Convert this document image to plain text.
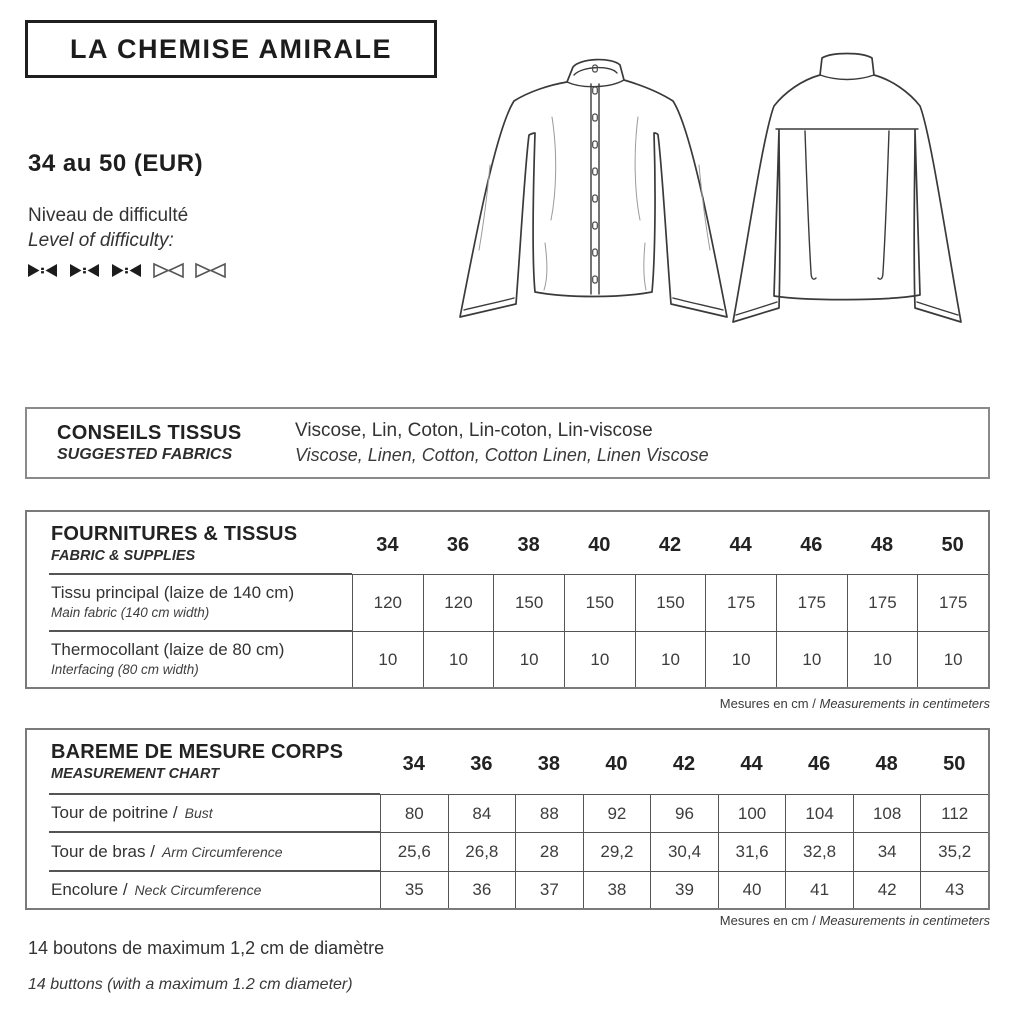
LA CHEMISE AMIRALE
34 au 50 (EUR)
Niveau de difficulté
Level of difficulty:
CONSEILS TISSUS
SUGGESTED FABRICS
Viscose, Lin, Coton, Lin-coton, Lin-viscose
Viscose, Linen, Cotton, Cotton Linen, Linen Viscose
FOURNITURES & TISSUS
FABRIC & SUPPLIES
34	36	38	40	42	44	46	48	50
Tissu principal (laize de 140 cm)
Main fabric (140 cm width)
120	120	150	150	150	175	175	175	175
Thermocollant (laize de 80 cm)
Interfacing (80 cm width)
10	10	10	10	10	10	10	10	10
Mesures en cm / Measurements in centimeters
BAREME DE MESURE CORPS
MEASUREMENT CHART	34	36	38	40	42	44	46	48	50
Tour de poitrine / Bust	80	84	88	92	96	100	104	108	112
Tour de bras / Arm Circumference	25,6	26,8	28	29,2	30,4	31,6	32,8	34	35,2
Encolure / Neck Circumference	35	36	37	38	39	40	41	42	43
Mesures en cm / Measurements in centimeters
14 boutons de maximum 1,2 cm de diamètre
14 buttons (with a maximum 1.2 cm diameter)
